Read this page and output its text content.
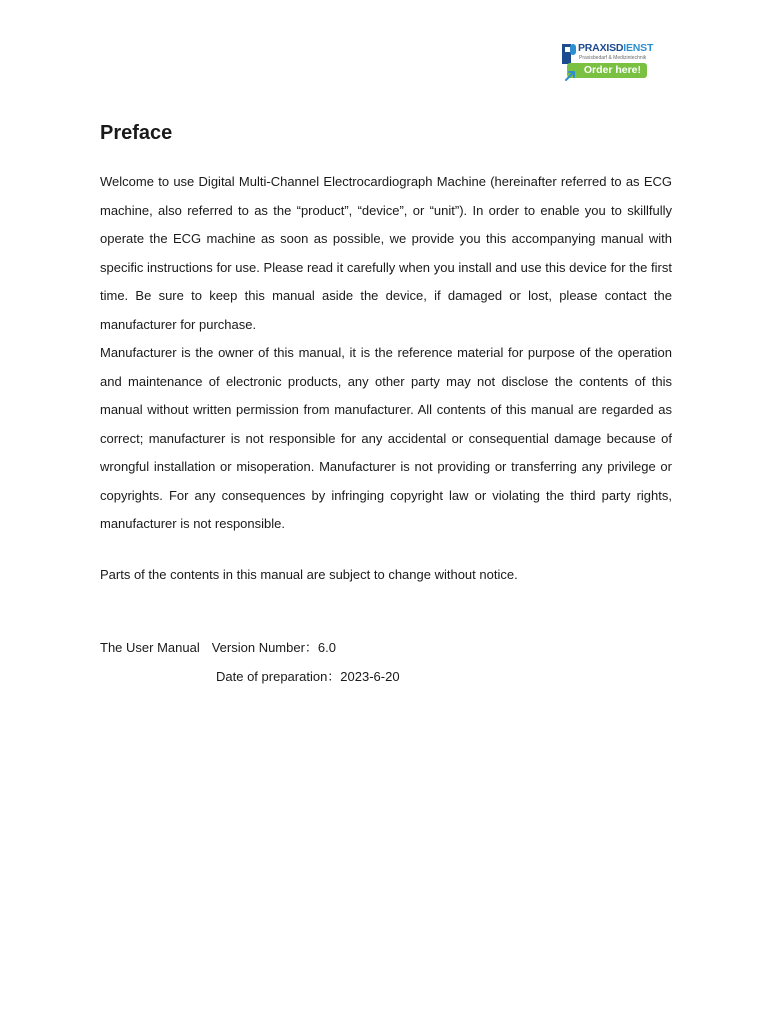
PRAXISDIENST
Praxisbedarf & Medizintechnik
Order here!
Preface

Welcome to use Digital Multi-Channel Electrocardiograph Machine (hereinafter referred to as ECG machine, also referred to as the “product”, “device”, or “unit”). In order to enable you to skillfully operate the ECG machine as soon as possible, we provide you this accompanying manual with specific instructions for use. Please read it carefully when you install and use this device for the first time. Be sure to keep this manual aside the device, if damaged or lost, please contact the manufacturer for purchase.

Manufacturer is the owner of this manual, it is the reference material for purpose of the operation and maintenance of electronic products, any other party may not disclose the contents of this manual without written permission from manufacturer. All contents of this manual are regarded as correct; manufacturer is not responsible for any accidental or consequential damage because of wrongful installation or misoperation. Manufacturer is not providing or transferring any privilege or copyrights. For any consequences by infringing copyright law or violating the third party rights, manufacturer is not responsible.

Parts of the contents in this manual are subject to change without notice.

The User Manual Version Number：6.0
Date of preparation：2023-6-20
